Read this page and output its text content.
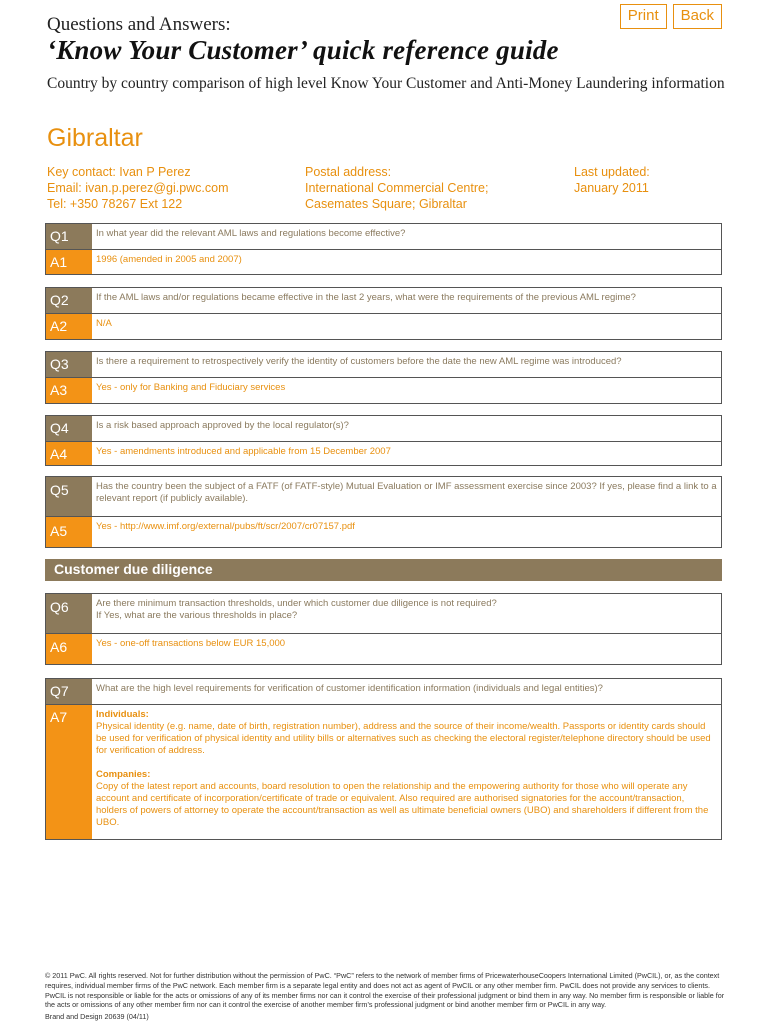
Print	Back
Questions and Answers:
‘Know Your Customer’ quick reference guide
Country by country comparison of high level Know Your Customer and Anti-Money Laundering information
Gibraltar
Key contact: Ivan P Perez
Email: ivan.p.perez@gi.pwc.com
Tel: +350 78267 Ext 122
Postal address:
International Commercial Centre;
Casemates Square; Gibraltar
Last updated:
January 2011
Q1	In what year did the relevant AML laws and regulations become effective?
A1	1996 (amended in 2005 and 2007)
Q2	If the AML laws and/or regulations became effective in the last 2 years, what were the requirements of the previous AML regime?
A2	N/A
Q3	Is there a requirement to retrospectively verify the identity of customers before the date the new AML regime was introduced?
A3	Yes - only for Banking and Fiduciary services
Q4	Is a risk based approach approved by the local regulator(s)?
A4	Yes - amendments introduced and applicable from 15 December 2007
Q5	Has the country been the subject of a FATF (of FATF-style) Mutual Evaluation or IMF assessment exercise since 2003? If yes, please find a link to a relevant report (if publicly available).
A5	Yes - http://www.imf.org/external/pubs/ft/scr/2007/cr07157.pdf
Customer due diligence
Q6	Are there minimum transaction thresholds, under which customer due diligence is not required?
If Yes, what are the various thresholds in place?
A6	Yes - one-off transactions below EUR 15,000
Q7	What are the high level requirements for verification of customer identification information (individuals and legal entities)?
A7	Individuals:
Physical identity (e.g. name, date of birth, registration number), address and the source of their income/wealth. Passports or identity cards should be used for verification of physical identity and utility bills or alternatives such as checking the electoral register/telephone directory should be used for verification of address.

Companies:
Copy of the latest report and accounts, board resolution to open the relationship and the empowering authority for those who will operate any account and certificate of incorporation/certificate of trade or equivalent. Also required are authorised signatories for the account/transaction, holders of powers of attorney to operate the account/transaction as well as ultimate beneficial owners (UBO) and shareholders if different from the UBO.

© 2011 PwC. All rights reserved. Not for further distribution without the permission of PwC. “PwC” refers to the network of member firms of PricewaterhouseCoopers International Limited (PwCIL), or, as the context requires, individual member firms of the PwC network. Each member firm is a separate legal entity and does not act as agent of PwCIL or any other member firm. PwCIL does not provide any services to clients. PwCIL is not responsible or liable for the acts or omissions of any of its member firms nor can it control the exercise of their professional judgment or bind them in any way. No member firm is responsible or liable for the acts or omissions of any other member firm nor can it control the exercise of another member firm’s professional judgment or bind another member firm or PwCIL in any way.
Brand and Design 20639 (04/11)
